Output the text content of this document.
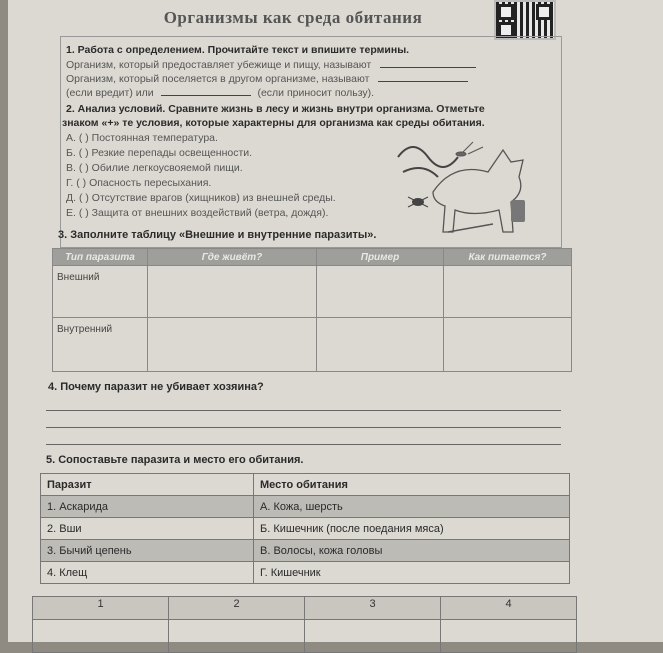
Организмы как среда обитания
1. Работа с определением. Прочитайте текст и впишите термины.
Организм, который предоставляет убежище и пищу, называют
Организм, который поселяется в другом организме, называют
(если вредит) или	(если приносит пользу).
2. Анализ условий. Сравните жизнь в лесу и жизнь внутри организма. Отметьте
знаком «+» те условия, которые характерны для организма как среды обитания.
А. ( ) Постоянная температура.
Б. ( ) Резкие перепады освещенности.
В. ( ) Обилие легкоусвояемой пищи.
Г. ( ) Опасность пересыхания.
Д. ( ) Отсутствие врагов (хищников) из внешней среды.
Е. ( ) Защита от внешних воздействий (ветра, дождя).
3. Заполните таблицу «Внешние и внутренние паразиты».
Тип паразита	Где живёт?	Пример	Как питается?
Внешний			
Внутренний			
4. Почему паразит не убивает хозяина?
5. Сопоставьте паразита и место его обитания.
Паразит	Место обитания
1. Аскарида	А. Кожа, шерсть
2. Вши	Б. Кишечник (после поедания мяса)
3. Бычий цепень	В. Волосы, кожа головы
4. Клещ	Г. Кишечник
1	2	3	4
